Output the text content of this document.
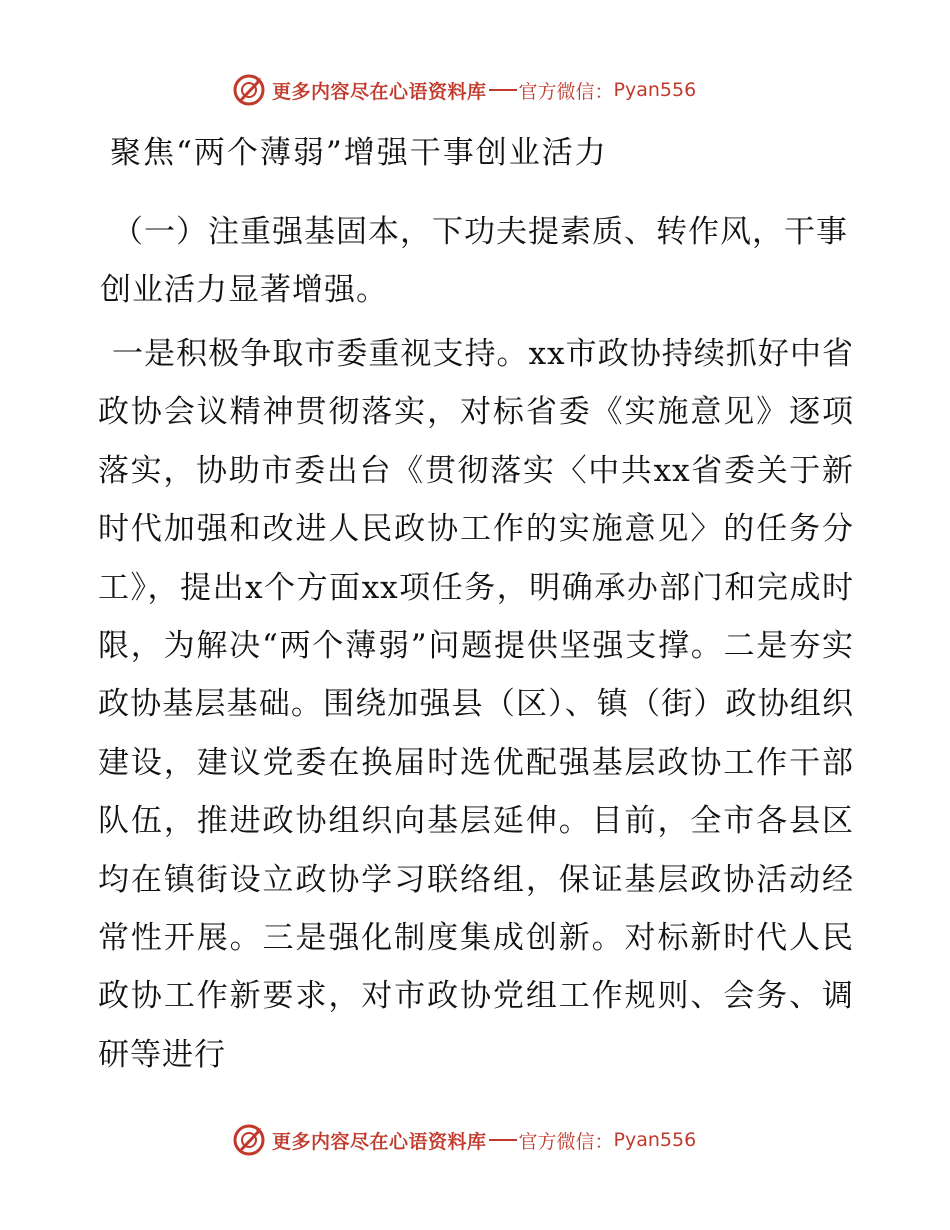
更多内容尽在心语资料库 官方微信： Pyan556
聚焦“两个薄弱”增强干事创业活力
（一）注重强基固本，下功夫提素质、转作风，干事创业活力显著增强。
一是积极争取市委重视支持。xx市政协持续抓好中省政协会议精神贯彻落实，对标省委《实施意见》逐项落实，协助市委出台《贯彻落实〈中共xx省委关于新时代加强和改进人民政协工作的实施意见〉的任务分工》，提出x个方面xx项任务，明确承办部门和完成时限，为解决“两个薄弱”问题提供坚强支撑。二是夯实政协基层基础。围绕加强县（区）、镇（街）政协组织建设，建议党委在换届时选优配强基层政协工作干部队伍，推进政协组织向基层延伸。目前，全市各县区均在镇街设立政协学习联络组，保证基层政协活动经常性开展。三是强化制度集成创新。对标新时代人民政协工作新要求，对市政协党组工作规则、会务、调研等进行
更多内容尽在心语资料库 官方微信： Pyan556
